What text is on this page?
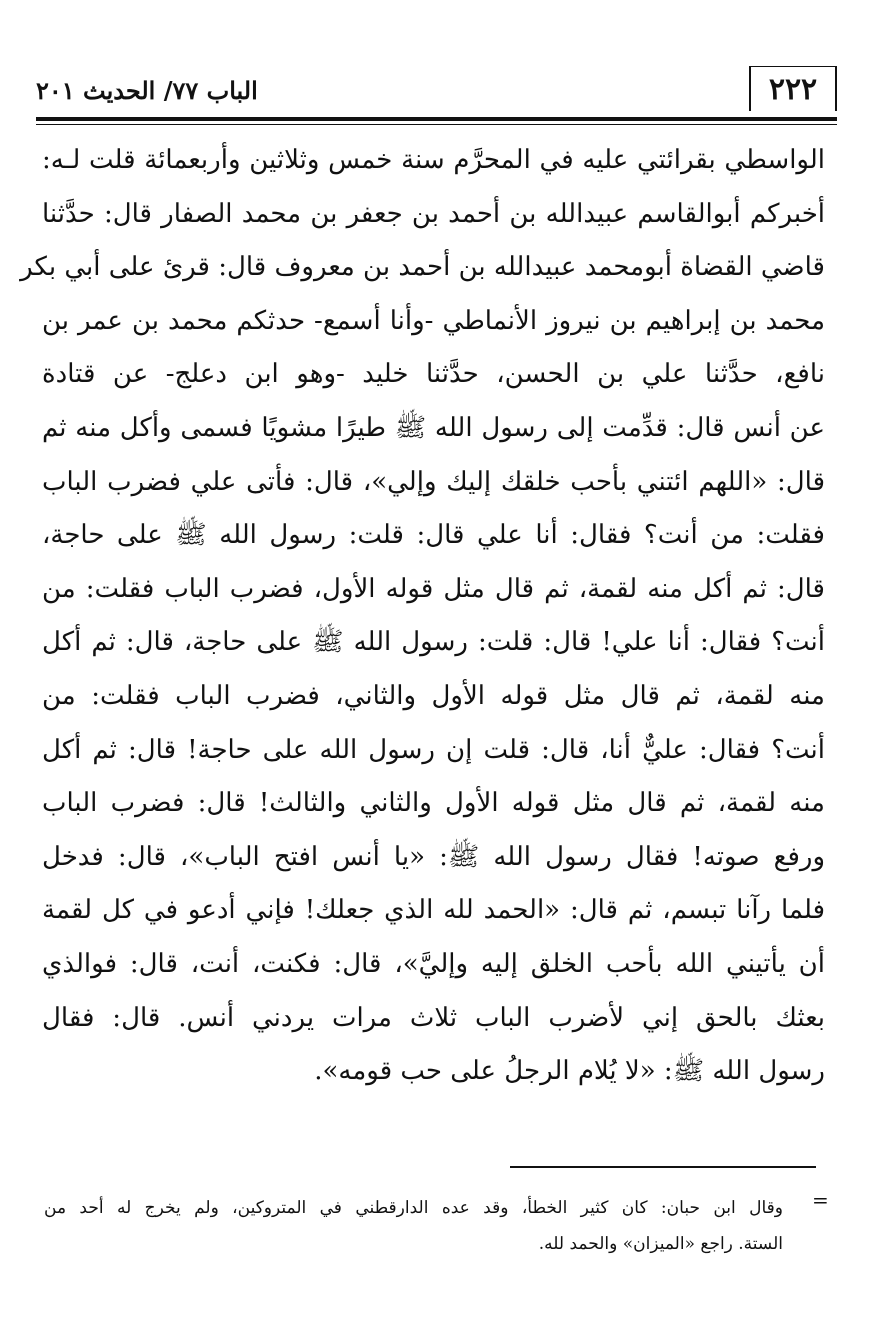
٢٢٢
الباب ٧٧/ الحديث ٢٠١
الواسطي بقرائتي عليه في المحرَّم سنة خمس وثلاثين وأربعمائة قلت لـه:
أخبركم أبوالقاسم عبيدالله بن أحمد بن جعفر بن محمد الصفار قال: حدَّثنا
قاضي القضاة أبومحمد عبيدالله بن أحمد بن معروف قال: قرئ على أبي بكر
محمد بن إبراهيم بن نيروز الأنماطي -وأنا أسمع- حدثكم محمد بن عمر بن
نافع، حدَّثنا علي بن الحسن، حدَّثنا خليد -وهو ابن دعلج- عن قتادة
عن أنس قال: قدِّمت إلى رسول الله ﷺ طيرًا مشويًا فسمى وأكل منه ثم
قال: «اللهم ائتني بأحب خلقك إليك وإلي»، قال: فأتى علي فضرب الباب
فقلت: من أنت؟ فقال: أنا علي قال: قلت: رسول الله ﷺ على حاجة،
قال: ثم أكل منه لقمة، ثم قال مثل قوله الأول، فضرب الباب فقلت: من
أنت؟ فقال: أنا علي! قال: قلت: رسول الله ﷺ على حاجة، قال: ثم أكل
منه لقمة، ثم قال مثل قوله الأول والثاني، فضرب الباب فقلت: من
أنت؟ فقال: عليٌّ أنا، قال: قلت إن رسول الله على حاجة! قال: ثم أكل
منه لقمة، ثم قال مثل قوله الأول والثاني والثالث! قال: فضرب الباب
ورفع صوته! فقال رسول الله ﷺ: «يا أنس افتح الباب»، قال: فدخل
فلما رآنا تبسم، ثم قال: «الحمد لله الذي جعلك! فإني أدعو في كل لقمة
أن يأتيني الله بأحب الخلق إليه وإليَّ»، قال: فكنت، أنت، قال: فوالذي
بعثك بالحق إني لأضرب الباب ثلاث مرات يردني أنس. قال: فقال
رسول الله ﷺ: «لا يُلام الرجلُ على حب قومه».
=
وقال ابن حبان: كان كثير الخطأ، وقد عده الدارقطني في المتروكين، ولم يخرج له أحد من
الستة. راجع «الميزان» والحمد لله.
